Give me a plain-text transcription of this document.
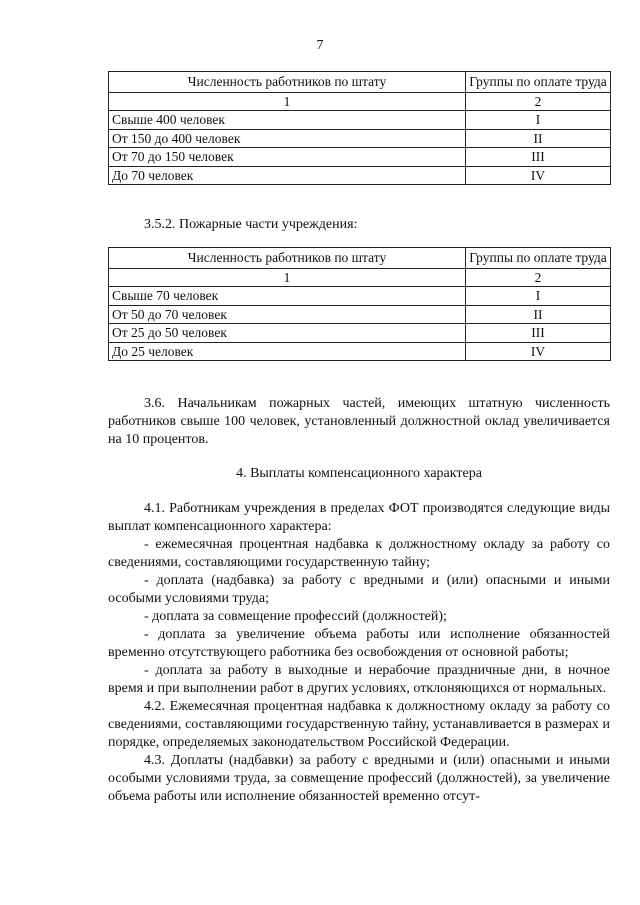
7
Численность работников по штату	Группы по оплате труда
1	2
Свыше 400 человек	I
От 150 до 400 человек	II
От 70 до 150 человек	III
До 70 человек	IV
3.5.2. Пожарные части учреждения:
Численность работников по штату	Группы по оплате труда
1	2
Свыше 70 человек	I
От 50 до 70 человек	II
От 25 до 50 человек	III
До 25 человек	IV

3.6. Начальникам пожарных частей, имеющих штатную численность работников свыше 100 человек, установленный должностной оклад увеличивается на 10 процентов.

4. Выплаты компенсационного характера

4.1. Работникам учреждения в пределах ФОТ производятся следующие виды выплат компенсационного характера:

- ежемесячная процентная надбавка к должностному окладу за работу со сведениями, составляющими государственную тайну;

- доплата (надбавка) за работу с вредными и (или) опасными и иными особыми условиями труда;

- доплата за совмещение профессий (должностей);

- доплата за увеличение объема работы или исполнение обязанностей временно отсутствующего работника без освобождения от основной работы;

- доплата за работу в выходные и нерабочие праздничные дни, в ночное время и при выполнении работ в других условиях, отклоняющихся от нормальных.

4.2. Ежемесячная процентная надбавка к должностному окладу за работу со сведениями, составляющими государственную тайну, устанавливается в размерах и порядке, определяемых законодательством Российской Федерации.

4.3. Доплаты (надбавки) за работу с вредными и (или) опасными и иными особыми условиями труда, за совмещение профессий (должностей), за увеличение объема работы или исполнение обязанностей временно отсут-
